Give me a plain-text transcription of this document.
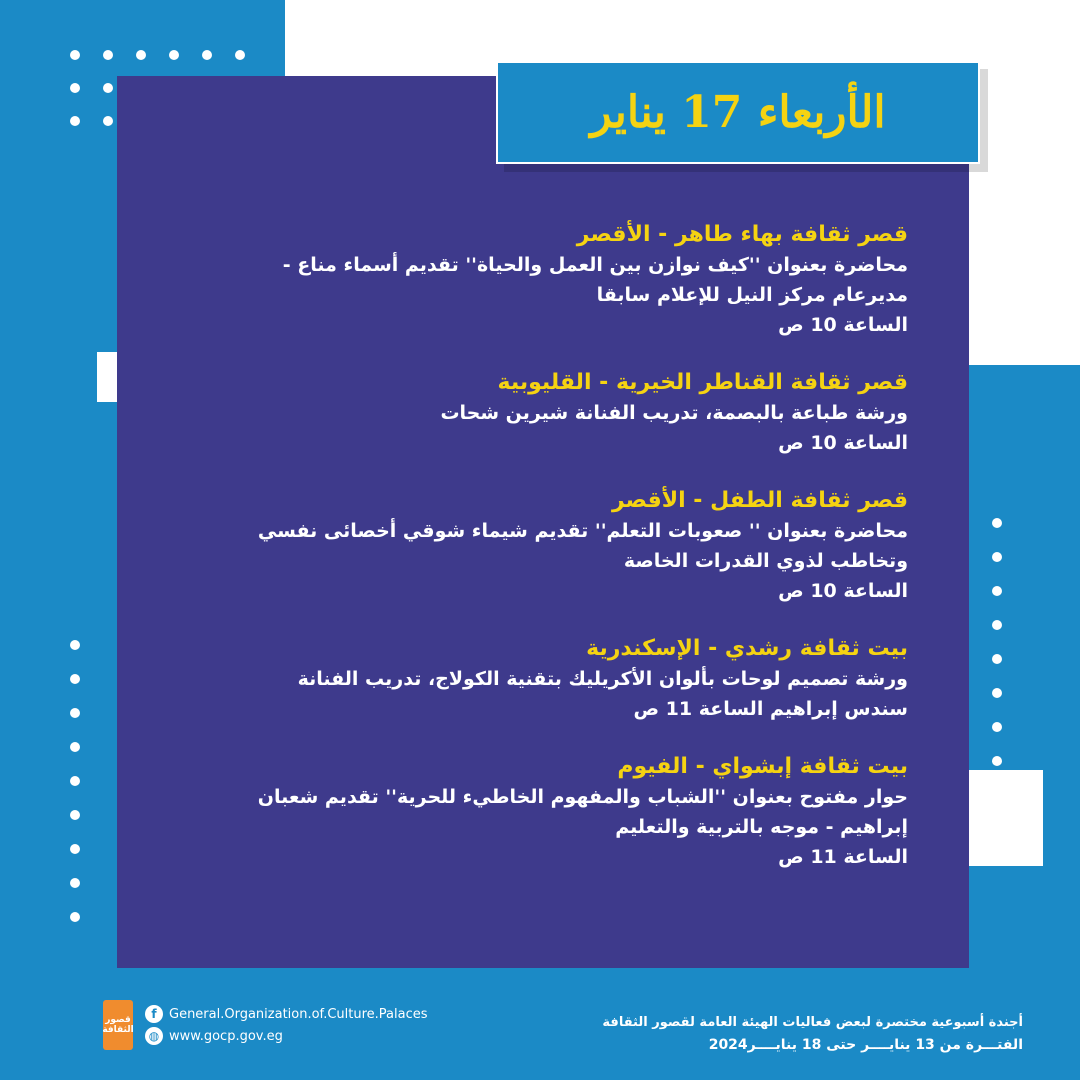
الأربعاء 17 يناير
قصر ثقافة بهاء طاهر - الأقصر
محاضرة بعنوان ''كيف نوازن بين العمل والحياة'' تقديم أسماء مناع -
مديرعام مركز النيل للإعلام سابقا
الساعة 10 ص
قصر ثقافة القناطر الخيرية - القليوبية
ورشة طباعة بالبصمة، تدريب الفنانة شيرين شحات
الساعة 10 ص
قصر ثقافة الطفل - الأقصر
محاضرة بعنوان '' صعوبات التعلم'' تقديم شيماء شوقي أخصائى نفسي
وتخاطب لذوي القدرات الخاصة
الساعة 10 ص
بيت ثقافة رشدي - الإسكندرية
ورشة تصميم لوحات بألوان الأكريليك بتقنية الكولاج، تدريب الفنانة
سندس إبراهيم الساعة 11 ص
بيت ثقافة إبشواي - الفيوم
حوار مفتوح بعنوان ''الشباب والمفهوم الخاطيء للحرية'' تقديم شعبان
إبراهيم - موجه بالتربية والتعليم
الساعة 11 ص
قصور الثقافة
f General.Organization.of.Culture.Palaces
◍ www.gocp.gov.eg
أجندة أسبوعية مختصرة لبعض فعاليات الهيئة العامة لقصور الثقافة
الفتـــرة من 13 ينايــــر حتى 18 ينايــــر2024
